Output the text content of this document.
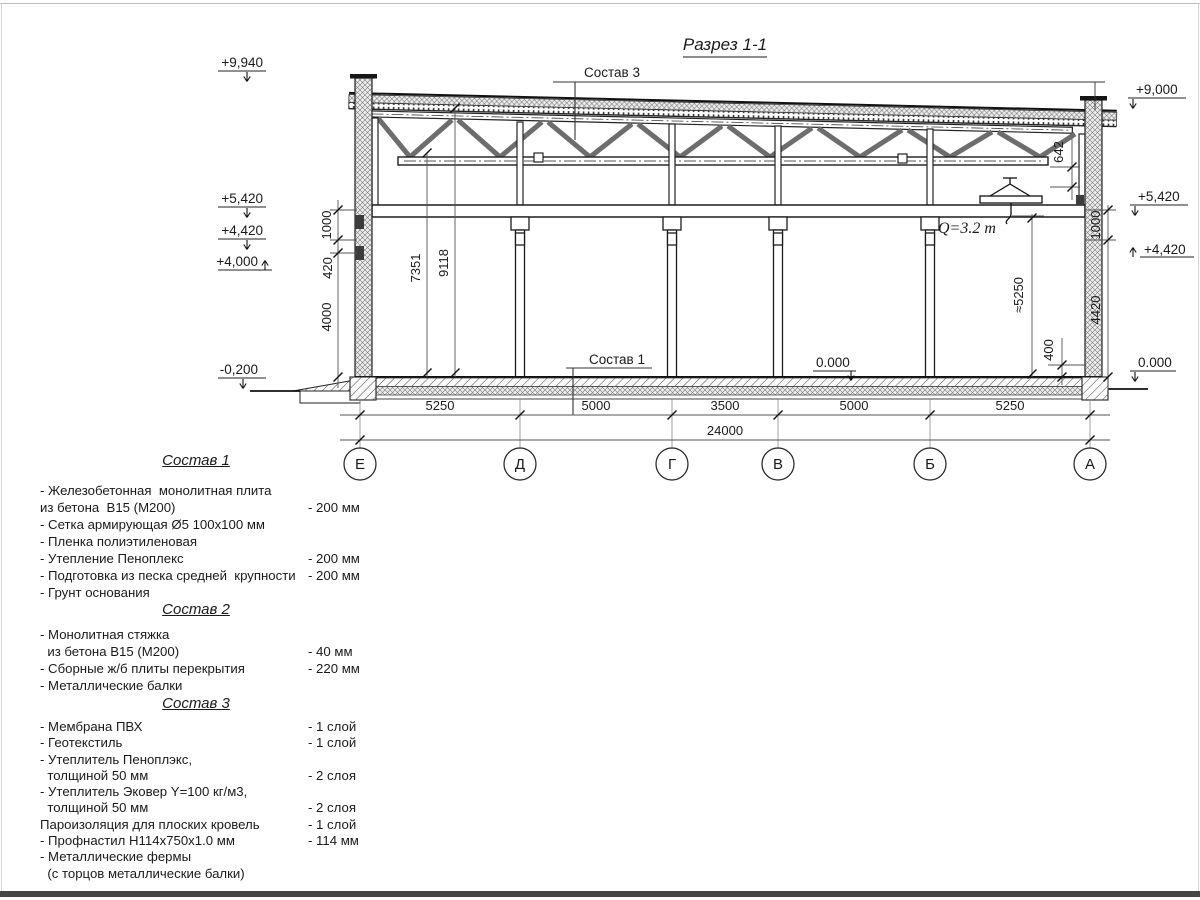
Разрез 1-1
Q=3.2 т
Состав 3
Состав 1	0.000
+9,940
+5,420
+4,420
+4,000
-0,200
+9,000
+5,420
+4,420
0.000
1000
420
4000
7351 9118
642
1000
4420
≈5250
400
5250	5000	3500	5000	5250
24000
Е	Д	Г	В	Б	А
Состав 1
- Железобетонная  монолитная плита
из бетона  В15 (М200)	- 200 мм
- Сетка армирующая Ø5 100x100 мм
- Пленка полиэтиленовая
- Утепление Пеноплекс	- 200 мм
- Подготовка из песка средней  крупности - 200 мм
- Грунт основания
Состав 2
- Монолитная стяжка
из бетона В15 (М200)	- 40 мм
- Сборные ж/б плиты перекрытия	- 220 мм
- Металлические балки
Состав 3
- Мембрана ПВХ	- 1 слой
- Геотекстиль	- 1 слой
- Утеплитель Пеноплэкс,
толщиной 50 мм	- 2 слоя
- Утеплитель Эковер Y=100 кг/м3,
толщиной 50 мм	- 2 слоя
Пароизоляция для плоских кровель	- 1 слой
- Профнастил Н114х750х1.0 мм	- 114 мм
- Металлические фермы
(с торцов металлические балки)
